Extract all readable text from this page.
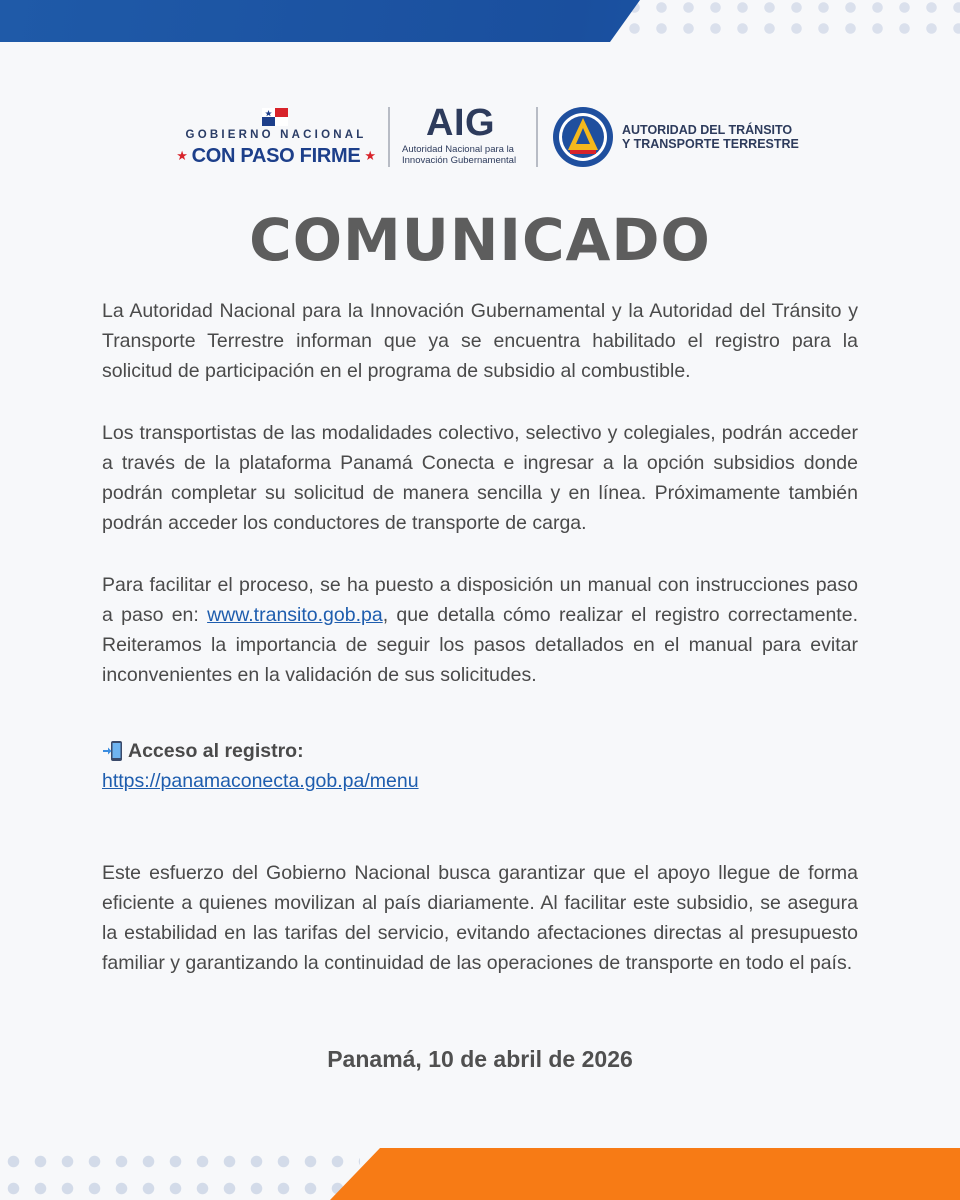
GOBIERNO NACIONAL
★ CON PASO FIRME ★
AIG
Autoridad Nacional para la
Innovación Gubernamental
AUTORIDAD DEL TRÁNSITO
Y TRANSPORTE TERRESTRE
COMUNICADO

La Autoridad Nacional para la Innovación Gubernamental y la Autoridad del Tránsito y Transporte Terrestre informan que ya se encuentra habilitado el registro para la solicitud de participación en el programa de subsidio al combustible.

Los transportistas de las modalidades colectivo, selectivo y colegiales, podrán acceder a través de la plataforma Panamá Conecta e ingresar a la opción subsidios donde podrán completar su solicitud de manera sencilla y en línea. Próximamente también podrán acceder los conductores de transporte de carga.

Para facilitar el proceso, se ha puesto a disposición un manual con instrucciones paso a paso en: www.transito.gob.pa, que detalla cómo realizar el registro correctamente. Reiteramos la importancia de seguir los pasos detallados en el manual para evitar inconvenientes en la validación de sus solicitudes.

Acceso al registro:
https://panamaconecta.gob.pa/menu

Este esfuerzo del Gobierno Nacional busca garantizar que el apoyo llegue de forma eficiente a quienes movilizan al país diariamente. Al facilitar este subsidio, se asegura la estabilidad en las tarifas del servicio, evitando afectaciones directas al presupuesto familiar y garantizando la continuidad de las operaciones de transporte en todo el país.

Panamá, 10 de abril de 2026
